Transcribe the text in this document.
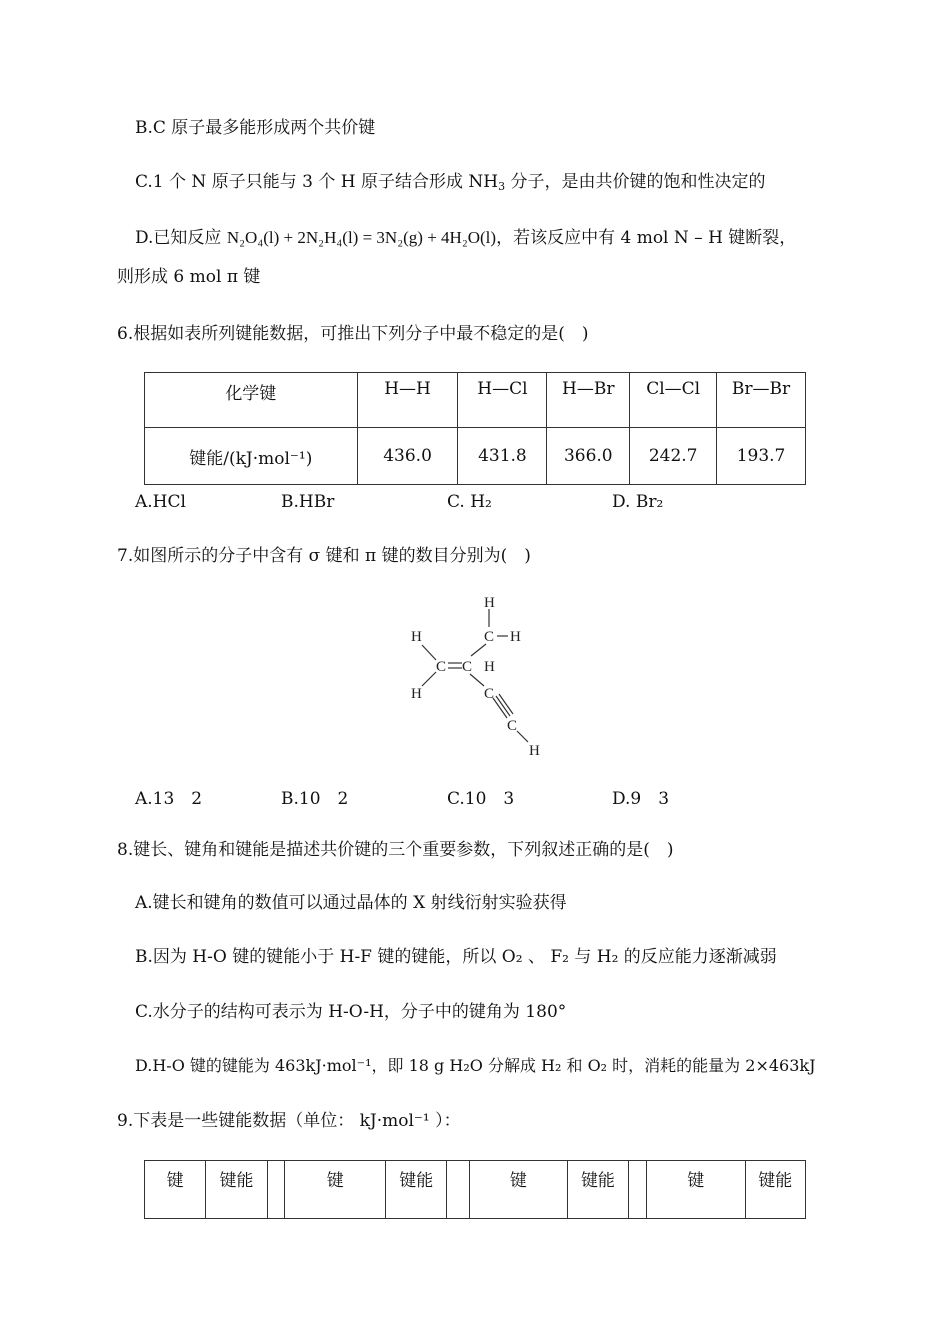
B.C 原子最多能形成两个共价键
C.1 个 N 原子只能与 3 个 H 原子结合形成 $NH_3$ 分子，是由共价键的饱和性决定的
D.已知反应 N₂O₄(l) + 2N₂H₄(l) = 3N₂(g) + 4H₂O(l)，若该反应中有 4 mol N – H 键断裂，
则形成 6 mol π 键
6.根据如表所列键能数据，可推出下列分子中最不稳定的是(　)
化学键	H—H	H—Cl	H—Br	Cl—Cl	Br—Br
键能/(kJ·mol⁻¹)	436.0	431.8	366.0	242.7	193.7
A.HCl	B.HBr	C. H₂	D. Br₂
7.如图所示的分子中含有 σ 键和 π 键的数目分别为(　)
H
C H
H
C C H
H	C
C
H
A.13　2	B.10　2	C.10　3	D.9　3
8.键长、键角和键能是描述共价键的三个重要参数，下列叙述正确的是(　)
A.键长和键角的数值可以通过晶体的 X 射线衍射实验获得
B.因为 H-O 键的键能小于 H-F 键的键能，所以 O₂ 、 F₂ 与 H₂ 的反应能力逐渐减弱
C.水分子的结构可表示为 H-O-H，分子中的键角为 180°
D.H-O 键的键能为 463kJ·mol⁻¹，即 18 g H₂O 分解成 H₂ 和 O₂ 时，消耗的能量为 2×463kJ
9.下表是一些键能数据（单位： kJ·mol⁻¹ ）：
键	键能		键	键能		键	键能		键	键能
